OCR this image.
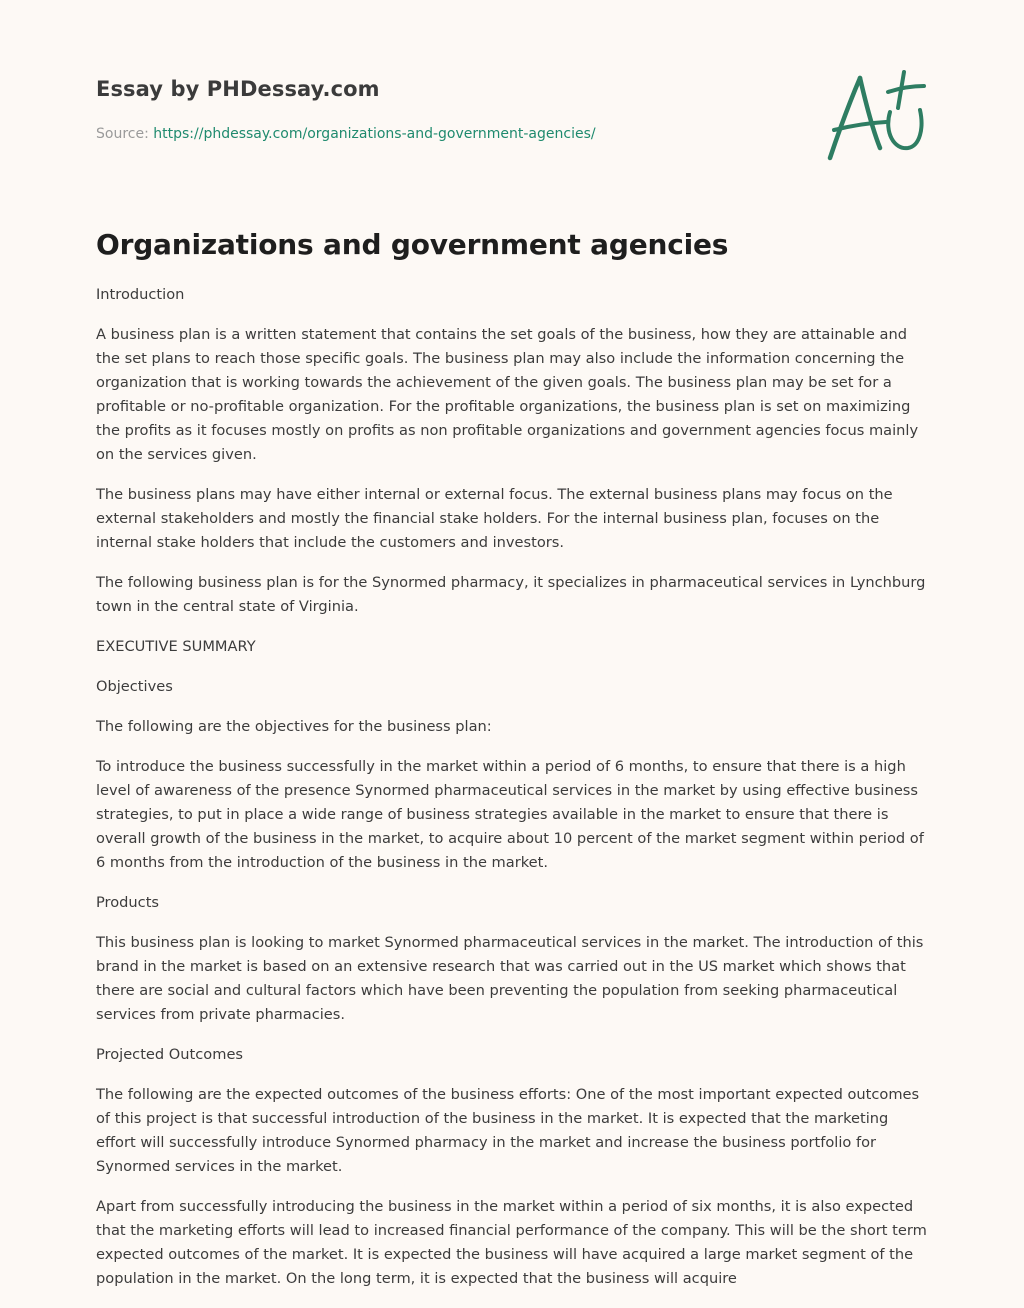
Essay by PHDessay.com
Source: https://phdessay.com/organizations-and-government-agencies/
Organizations and government agencies

Introduction

A business plan is a written statement that contains the set goals of the business, how they are attainable and the set plans to reach those specific goals. The business plan may also include the information concerning the organization that is working towards the achievement of the given goals. The business plan may be set for a profitable or no-profitable organization. For the profitable organizations, the business plan is set on maximizing the profits as it focuses mostly on profits as non profitable organizations and government agencies focus mainly on the services given.

The business plans may have either internal or external focus. The external business plans may focus on the external stakeholders and mostly the financial stake holders. For the internal business plan, focuses on the internal stake holders that include the customers and investors.

The following business plan is for the Synormed pharmacy, it specializes in pharmaceutical services in Lynchburg town in the central state of Virginia.

EXECUTIVE SUMMARY

Objectives

The following are the objectives for the business plan:

To introduce the business successfully in the market within a period of 6 months, to ensure that there is a high level of awareness of the presence Synormed pharmaceutical services in the market by using effective business strategies, to put in place a wide range of business strategies available in the market to ensure that there is overall growth of the business in the market, to acquire about 10 percent of the market segment within period of 6 months from the introduction of the business in the market.

Products

This business plan is looking to market Synormed pharmaceutical services in the market. The introduction of this brand in the market is based on an extensive research that was carried out in the US market which shows that there are social and cultural factors which have been preventing the population from seeking pharmaceutical services from private pharmacies.

Projected Outcomes

The following are the expected outcomes of the business efforts: One of the most important expected outcomes of this project is that successful introduction of the business in the market. It is expected that the marketing effort will successfully introduce Synormed pharmacy in the market and increase the business portfolio for Synormed services in the market.

Apart from successfully introducing the business in the market within a period of six months, it is also expected that the marketing efforts will lead to increased financial performance of the company. This will be the short term expected outcomes of the market. It is expected the business will have acquired a large market segment of the population in the market. On the long term, it is expected that the business will acquire
